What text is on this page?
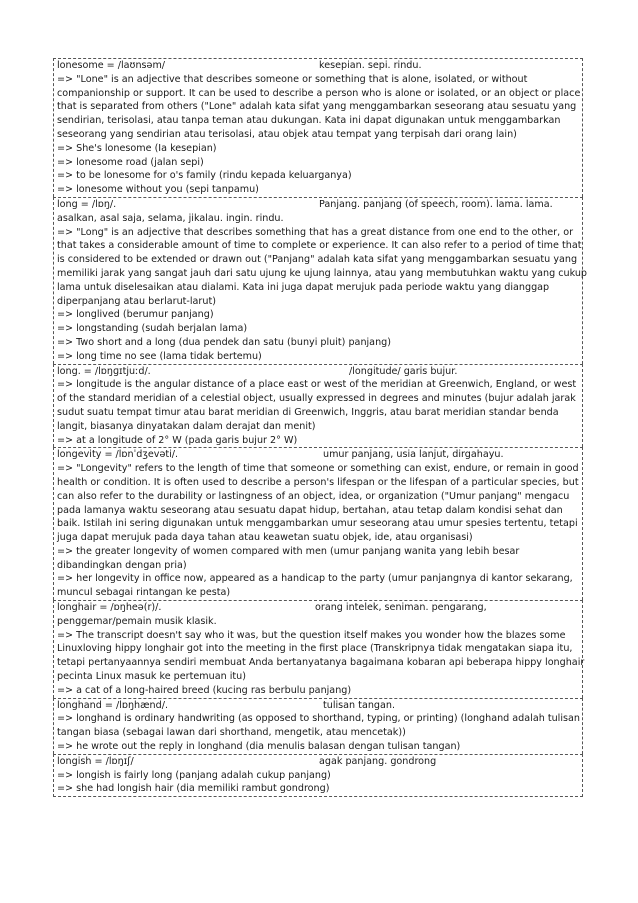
lonesome = /laʊnsəm/	kesepian. sepi. rindu.
=> "Lone" is an adjective that describes someone or something that is alone, isolated, or without
companionship or support. It can be used to describe a person who is alone or isolated, or an object or place
that is separated from others ("Lone" adalah kata sifat yang menggambarkan seseorang atau sesuatu yang
sendirian, terisolasi, atau tanpa teman atau dukungan. Kata ini dapat digunakan untuk menggambarkan
seseorang yang sendirian atau terisolasi, atau objek atau tempat yang terpisah dari orang lain)
=> She's lonesome (Ia kesepian)
=> lonesome road (jalan sepi)
=> to be lonesome for o's family (rindu kepada keluarganya)
=> lonesome without you (sepi tanpamu)
long = /lɒŋ/.	Panjang. panjang (of speech, room). lama. lama.
asalkan, asal saja, selama, jikalau. ingin. rindu.
=> "Long" is an adjective that describes something that has a great distance from one end to the other, or
that takes a considerable amount of time to complete or experience. It can also refer to a period of time that
is considered to be extended or drawn out ("Panjang" adalah kata sifat yang menggambarkan sesuatu yang
memiliki jarak yang sangat jauh dari satu ujung ke ujung lainnya, atau yang membutuhkan waktu yang cukup
lama untuk diselesaikan atau dialami. Kata ini juga dapat merujuk pada periode waktu yang dianggap
diperpanjang atau berlarut-larut)
=> longlived (berumur panjang)
=> longstanding (sudah berjalan lama)
=> Two short and a long (dua pendek dan satu (bunyi pluit) panjang)
=> long time no see (lama tidak bertemu)
long. = /lɒŋɡɪtjuːd/.	/longitude/ garis bujur.
=> longitude is the angular distance of a place east or west of the meridian at Greenwich, England, or west
of the standard meridian of a celestial object, usually expressed in degrees and minutes (bujur adalah jarak
sudut suatu tempat timur atau barat meridian di Greenwich, Inggris, atau barat meridian standar benda
langit, biasanya dinyatakan dalam derajat dan menit)
=> at a longitude of 2° W (pada garis bujur 2° W)
longevity = /lɒnˈdʒevəti/.	umur panjang, usia lanjut, dirgahayu.
=> "Longevity" refers to the length of time that someone or something can exist, endure, or remain in good
health or condition. It is often used to describe a person's lifespan or the lifespan of a particular species, but
can also refer to the durability or lastingness of an object, idea, or organization ("Umur panjang" mengacu
pada lamanya waktu seseorang atau sesuatu dapat hidup, bertahan, atau tetap dalam kondisi sehat dan
baik. Istilah ini sering digunakan untuk menggambarkan umur seseorang atau umur spesies tertentu, tetapi
juga dapat merujuk pada daya tahan atau keawetan suatu objek, ide, atau organisasi)
=> the greater longevity of women compared with men (umur panjang wanita yang lebih besar
dibandingkan dengan pria)
=> her longevity in office now, appeared as a handicap to the party (umur panjangnya di kantor sekarang,
muncul sebagai rintangan ke pesta)
longhair = /ɒŋheə(r)/.	orang intelek, seniman. pengarang,
penggemar/pemain musik klasik.
=> The transcript doesn't say who it was, but the question itself makes you wonder how the blazes some
Linuxloving hippy longhair got into the meeting in the first place (Transkripnya tidak mengatakan siapa itu,
tetapi pertanyaannya sendiri membuat Anda bertanyatanya bagaimana kobaran api beberapa hippy longhair
pecinta Linux masuk ke pertemuan itu)
=> a cat of a long-haired breed (kucing ras berbulu panjang)
longhand = /lɒŋhænd/.	tulisan tangan.
=> longhand is ordinary handwriting (as opposed to shorthand, typing, or printing) (longhand adalah tulisan
tangan biasa (sebagai lawan dari shorthand, mengetik, atau mencetak))
=> he wrote out the reply in longhand (dia menulis balasan dengan tulisan tangan)
longish = /lɒŋɪʃ/	agak panjang. gondrong
=> longish is fairly long (panjang adalah cukup panjang)
=> she had longish hair (dia memiliki rambut gondrong)
